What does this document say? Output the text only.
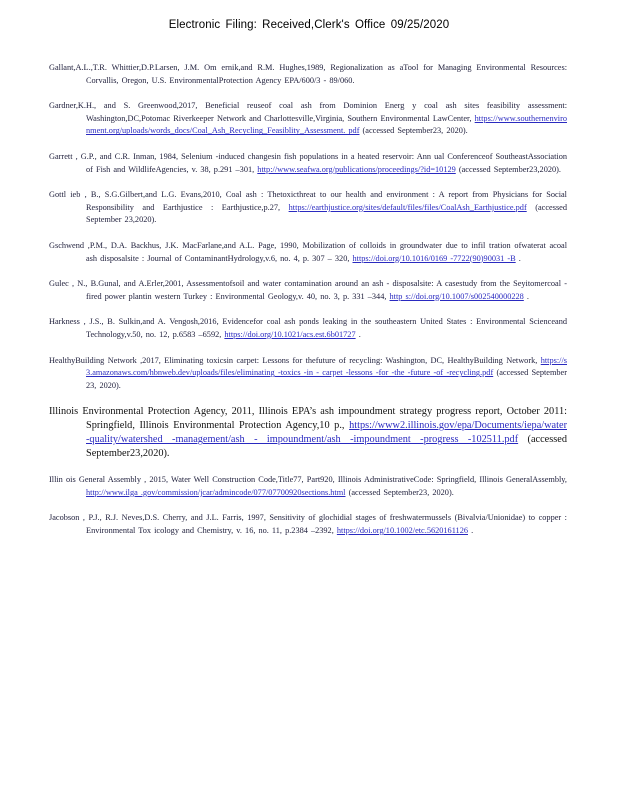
Electronic Filing: Received,Clerk's Office 09/25/2020

Gallant,A.L.,T.R. Whittier,D.P.Larsen, J.M. Om ernik,and R.M. Hughes,1989, Regionalization as aTool for Managing Environmental Resources: Corvallis, Oregon, U.S. EnvironmentalProtection Agency EPA/600/3 - 89/060.

Gardner,K.H., and S. Greenwood,2017, Beneficial reuseof coal ash from Dominion Energ y coal ash sites feasibility assessment: Washington,DC,Potomac Riverkeeper Network and Charlottesville,Virginia, Southern Environmental LawCenter, https://www.southernenvironment.org/uploads/words_docs/Coal_Ash_Recycling_Feasiblity_Assessment. pdf (accessed September23, 2020).

Garrett , G.P., and C.R. Inman, 1984, Selenium -induced changesin fish populations in a heated reservoir: Ann ual Conferenceof SoutheastAssociation of Fish and WildlifeAgencies, v. 38, p.291 –301, http://www.seafwa.org/publications/proceedings/?id=10129 (accessed September23,2020).

Gottl ieb , B., S.G.Gilbert,and L.G. Evans,2010, Coal ash : Thetoxicthreat to our health and environment : A report from Physicians for Social Responsibility and Earthjustice : Earthjustice,p.27, https://earthjustice.org/sites/default/files/files/CoalAsh_Earthjustice.pdf (accessed September 23,2020).

Gschwend ,P.M., D.A. Backhus, J.K. MacFarlane,and A.L. Page, 1990, Mobilization of colloids in groundwater due to infil tration ofwaterat acoal ash disposalsite : Journal of ContaminantHydrology,v.6, no. 4, p. 307 – 320, https://doi.org/10.1016/0169 -7722(90)90031 -B .

Gulec , N., B.Gunal, and A.Erler,2001, Assessmentofsoil and water contamination around an ash - disposalsite: A casestudy from the Seyitomercoal -fired power plantin western Turkey : Environmental Geology,v. 40, no. 3, p. 331 –344, http s://doi.org/10.1007/s002540000228 .

Harkness , J.S., B. Sulkin,and A. Vengosh,2016, Evidencefor coal ash ponds leaking in the southeastern United States : Environmental Scienceand Technology,v.50, no. 12, p.6583 –6592, https://doi.org/10.1021/acs.est.6b01727 .

HealthyBuilding Network ,2017, Eliminating toxicsin carpet: Lessons for thefuture of recycling: Washington, DC, HealthyBuilding Network, https://s3.amazonaws.com/hbnweb.dev/uploads/files/eliminating -toxics -in - carpet -lessons -for -the -future -of -recycling.pdf (accessed September 23, 2020).

Illinois Environmental Protection Agency, 2011, Illinois EPA’s ash impoundment strategy progress report, October 2011: Springfield, Illinois Environmental Protection Agency,10 p., https://www2.illinois.gov/epa/Documents/iepa/water -quality/watershed -management/ash - impoundment/ash -impoundment -progress -102511.pdf (accessed September23,2020).

Illin ois General Assembly , 2015, Water Well Construction Code,Title77, Part920, Illinois AdministrativeCode: Springfield, Illinois GeneralAssembly, http://www.ilga .gov/commission/jcar/admincode/077/07700920sections.html (accessed September23, 2020).

Jacobson , P.J., R.J. Neves,D.S. Cherry, and J.L. Farris, 1997, Sensitivity of glochidial stages of freshwatermussels (Bivalvia/Unionidae) to copper : Environmental Tox icology and Chemistry, v. 16, no. 11, p.2384 –2392, https://doi.org/10.1002/etc.5620161126 .
